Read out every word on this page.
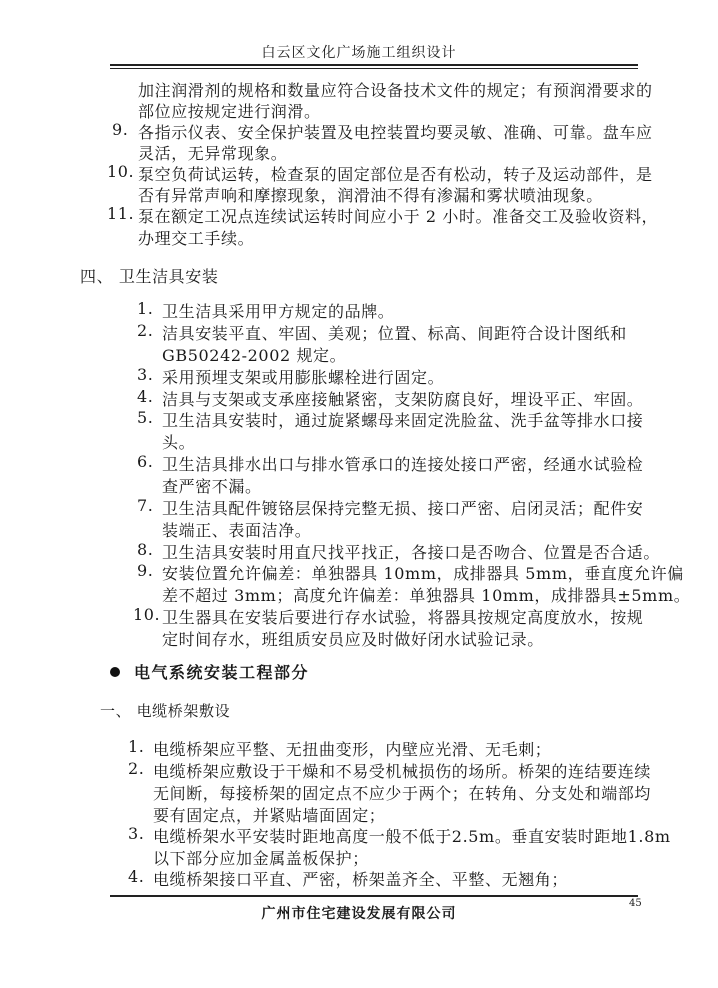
白云区文化广场施工组织设计
加注润滑剂的规格和数量应符合设备技术文件的规定；有预润滑要求的
部位应按规定进行润滑。
9. 各指示仪表、安全保护装置及电控装置均要灵敏、准确、可靠。盘车应
灵活，无异常现象。
10. 泵空负荷试运转，检查泵的固定部位是否有松动，转子及运动部件，是
否有异常声响和摩擦现象，润滑油不得有渗漏和雾状喷油现象。
11. 泵在额定工况点连续试运转时间应小于 2 小时。准备交工及验收资料，
办理交工手续。
四、 卫生洁具安装
1. 卫生洁具采用甲方规定的品牌。
2. 洁具安装平直、牢固、美观；位置、标高、间距符合设计图纸和
GB50242-2002 规定。
3. 采用预埋支架或用膨胀螺栓进行固定。
4. 洁具与支架或支承座接触紧密，支架防腐良好，埋设平正、牢固。
5. 卫生洁具安装时，通过旋紧螺母来固定洗脸盆、洗手盆等排水口接
头。
6. 卫生洁具排水出口与排水管承口的连接处接口严密，经通水试验检
查严密不漏。
7. 卫生洁具配件镀铬层保持完整无损、接口严密、启闭灵活；配件安
装端正、表面洁净。
8. 卫生洁具安装时用直尺找平找正，各接口是否吻合、位置是否合适。
9. 安装位置允许偏差：单独器具 10mm，成排器具 5mm，垂直度允许偏
差不超过 3mm；高度允许偏差：单独器具 10mm，成排器具±5mm。
10. 卫生器具在安装后要进行存水试验，将器具按规定高度放水，按规
定时间存水，班组质安员应及时做好闭水试验记录。
电气系统安装工程部分
一、 电缆桥架敷设
1. 电缆桥架应平整、无扭曲变形，内壁应光滑、无毛刺；
2. 电缆桥架应敷设于干燥和不易受机械损伤的场所。桥架的连结要连续
无间断，每接桥架的固定点不应少于两个；在转角、分支处和端部均
要有固定点，并紧贴墙面固定；
3. 电缆桥架水平安装时距地高度一般不低于2.5m。垂直安装时距地1.8m
以下部分应加金属盖板保护；
4. 电缆桥架接口平直、严密，桥架盖齐全、平整、无翘角；
45
广州市住宅建设发展有限公司
